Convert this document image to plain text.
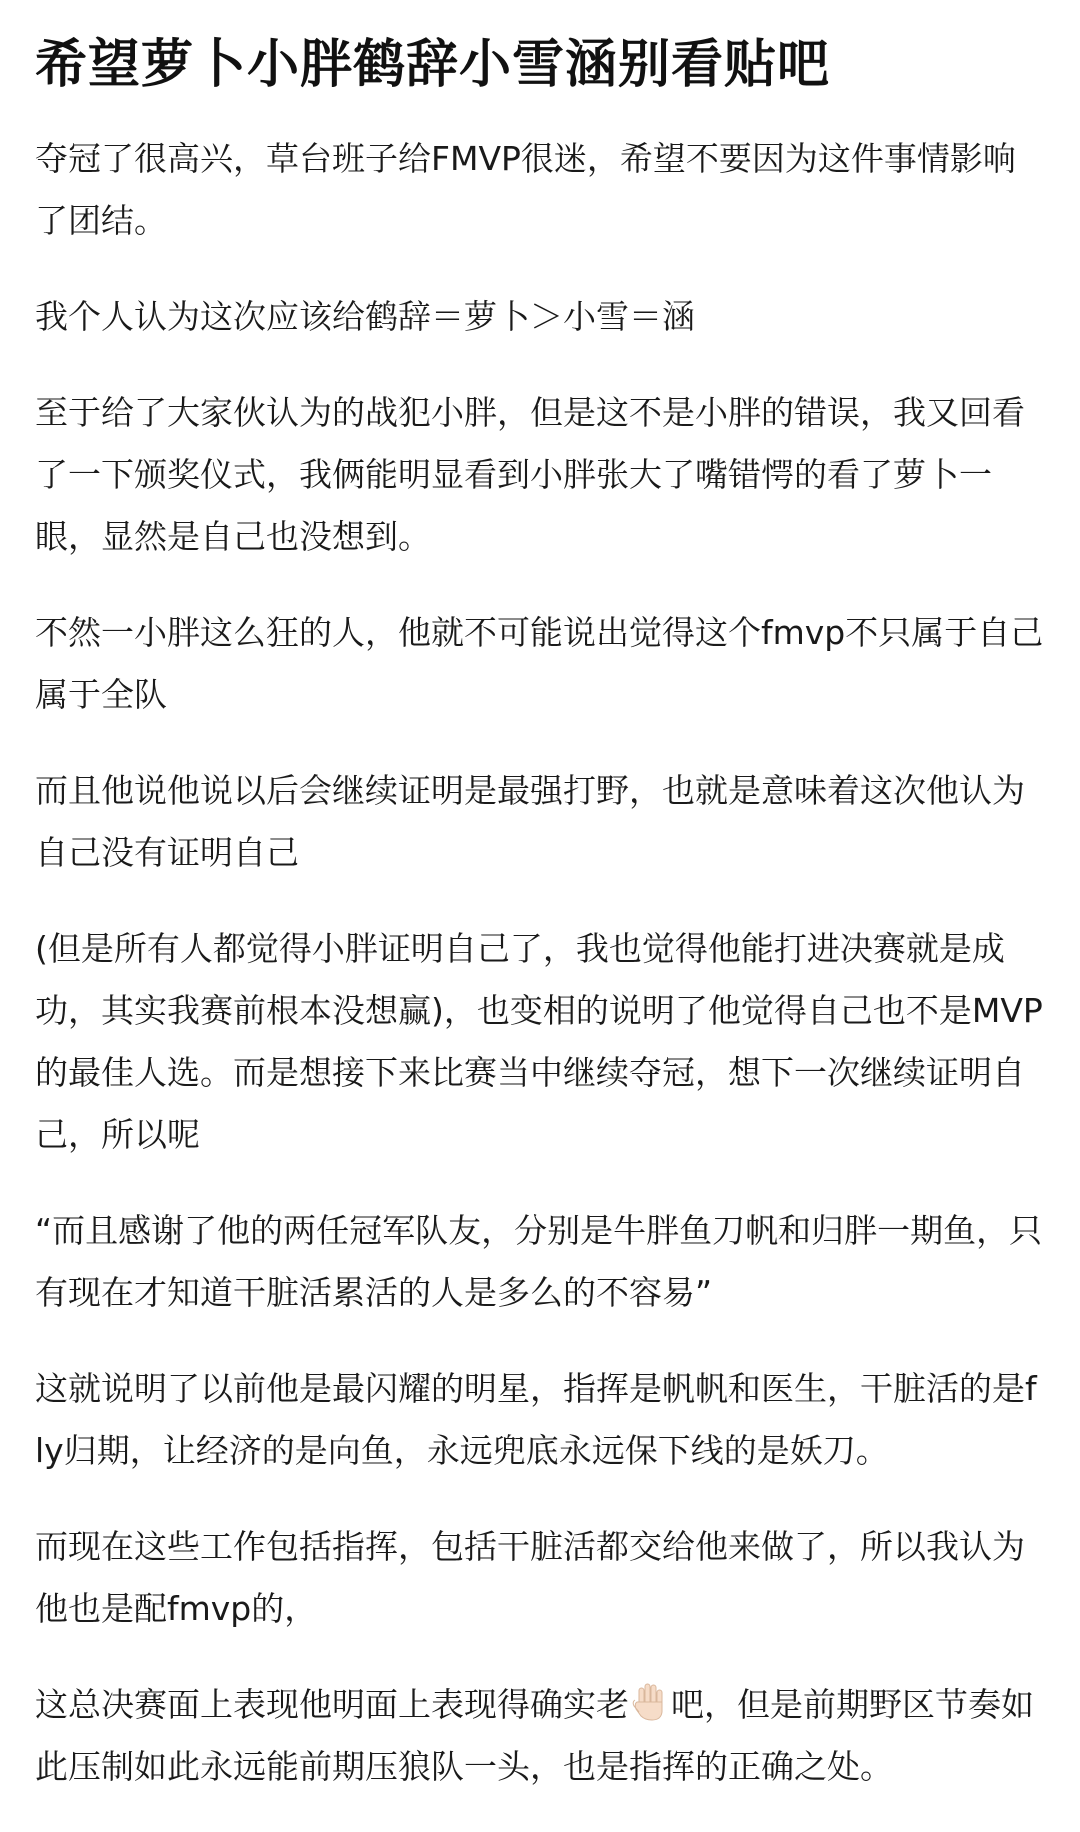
希望萝卜小胖鹤辞小雪涵别看贴吧
夺冠了很高兴，草台班子给FMVP很迷，希望不要因为这件事情影响了团结。
我个人认为这次应该给鹤辞＝萝卜＞小雪＝涵
至于给了大家伙认为的战犯小胖，但是这不是小胖的错误，我又回看了一下颁奖仪式，我俩能明显看到小胖张大了嘴错愕的看了萝卜一眼，显然是自己也没想到。
不然一小胖这么狂的人，他就不可能说出觉得这个fmvp不只属于自己属于全队
而且他说他说以后会继续证明是最强打野，也就是意味着这次他认为自己没有证明自己
(但是所有人都觉得小胖证明自己了，我也觉得他能打进决赛就是成功，其实我赛前根本没想赢)，也变相的说明了他觉得自己也不是MVP的最佳人选。而是想接下来比赛当中继续夺冠，想下一次继续证明自己，所以呢
“而且感谢了他的两任冠军队友，分别是牛胖鱼刀帆和归胖一期鱼，只有现在才知道干脏活累活的人是多么的不容易”
这就说明了以前他是最闪耀的明星，指挥是帆帆和医生，干脏活的是fly归期，让经济的是向鱼，永远兜底永远保下线的是妖刀。
而现在这些工作包括指挥，包括干脏活都交给他来做了，所以我认为他也是配fmvp的，
这总决赛面上表现他明面上表现得确实老 吧，但是前期野区节奏如此压制如此永远能前期压狼队一头，也是指挥的正确之处。
